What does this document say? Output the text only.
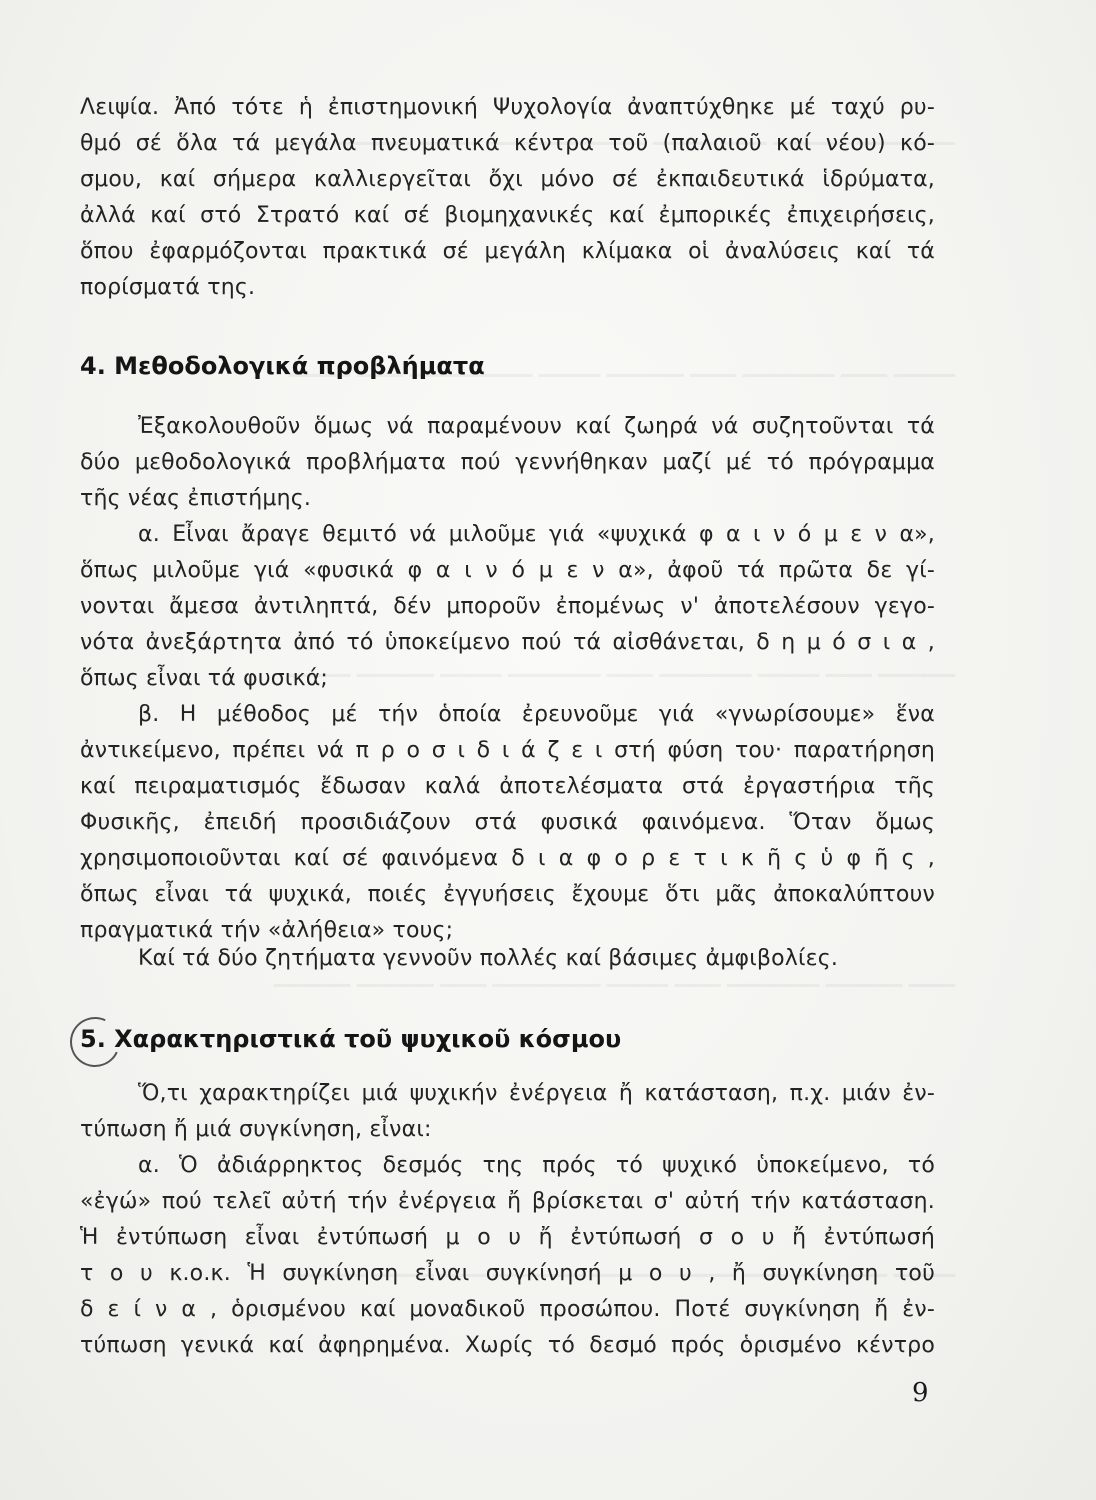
Λειψία. Ἀπό τότε ἡ ἐπιστημονική Ψυχολογία ἀναπτύχθηκε μέ ταχύ ρυ-
θμό σέ ὅλα τά μεγάλα πνευματικά κέντρα τοῦ (παλαιοῦ καί νέου) κό-
σμου, καί σήμερα καλλιεργεῖται ὄχι μόνο σέ ἐκπαιδευτικά ἱδρύματα,
ἀλλά καί στό Στρατό καί σέ βιομηχανικές καί ἐμπορικές ἐπιχειρήσεις,
ὅπου ἐφαρμόζονται πρακτικά σέ μεγάλη κλίμακα οἱ ἀναλύσεις καί τά
πορίσματά της.
4. Μεθοδολογικά προβλήματα
Ἐξακολουθοῦν ὅμως νά παραμένουν καί ζωηρά νά συζητοῦνται τά
δύο μεθοδολογικά προβλήματα πού γεννήθηκαν μαζί μέ τό πρόγραμμα
τῆς νέας ἐπιστήμης.
α. Εἶναι ἄραγε θεμιτό νά μιλοῦμε γιά «ψυχικά φ α ι ν ό μ ε ν α»,
ὅπως μιλοῦμε γιά «φυσικά φ α ι ν ό μ ε ν α», ἀφοῦ τά πρῶτα δε γί-
νονται ἄμεσα ἀντιληπτά, δέν μποροῦν ἐπομένως ν' ἀποτελέσουν γεγο-
νότα ἀνεξάρτητα ἀπό τό ὑποκείμενο πού τά αἰσθάνεται, δ η μ ό σ ι α ,
ὅπως εἶναι τά φυσικά;
β. Η μέθοδος μέ τήν ὁποία ἐρευνοῦμε γιά «γνωρίσουμε» ἕνα
ἀντικείμενο, πρέπει νά π ρ ο σ ι δ ι ά ζ ε ι στή φύση του· παρατήρηση
καί πειραματισμός ἔδωσαν καλά ἀποτελέσματα στά ἐργαστήρια τῆς
Φυσικῆς, ἐπειδή προσιδιάζουν στά φυσικά φαινόμενα. Ὅταν ὅμως
χρησιμοποιοῦνται καί σέ φαινόμενα δ ι α φ ο ρ ε τ ι κ ῆ ς ὑ φ ῆ ς ,
ὅπως εἶναι τά ψυχικά, ποιές ἐγγυήσεις ἔχουμε ὅτι μᾶς ἀποκαλύπτουν
πραγματικά τήν «ἀλήθεια» τους;
Καί τά δύο ζητήματα γεννοῦν πολλές καί βάσιμες ἀμφιβολίες.
5. Χαρακτηριστικά τοῦ ψυχικοῦ κόσμου
Ὅ,τι χαρακτηρίζει μιά ψυχικήν ἐνέργεια ἤ κατάσταση, π.χ. μιάν ἐν-
τύπωση ἤ μιά συγκίνηση, εἶναι:
α. Ὁ ἀδιάρρηκτος δεσμός της πρός τό ψυχικό ὑποκείμενο, τό
«ἐγώ» πού τελεῖ αὐτή τήν ἐνέργεια ἤ βρίσκεται σ' αὐτή τήν κατάσταση.
Ἡ ἐντύπωση εἶναι ἐντύπωσή μ ο υ ἤ ἐντύπωσή σ ο υ ἤ ἐντύπωσή
τ ο υ κ.ο.κ. Ἡ συγκίνηση εἶναι συγκίνησή μ ο υ , ἤ συγκίνηση τοῦ
δ ε ί ν α , ὁρισμένου καί μοναδικοῦ προσώπου. Ποτέ συγκίνηση ἤ ἐν-
τύπωση γενικά καί ἀφηρημένα. Χωρίς τό δεσμό πρός ὁρισμένο κέντρο
9
